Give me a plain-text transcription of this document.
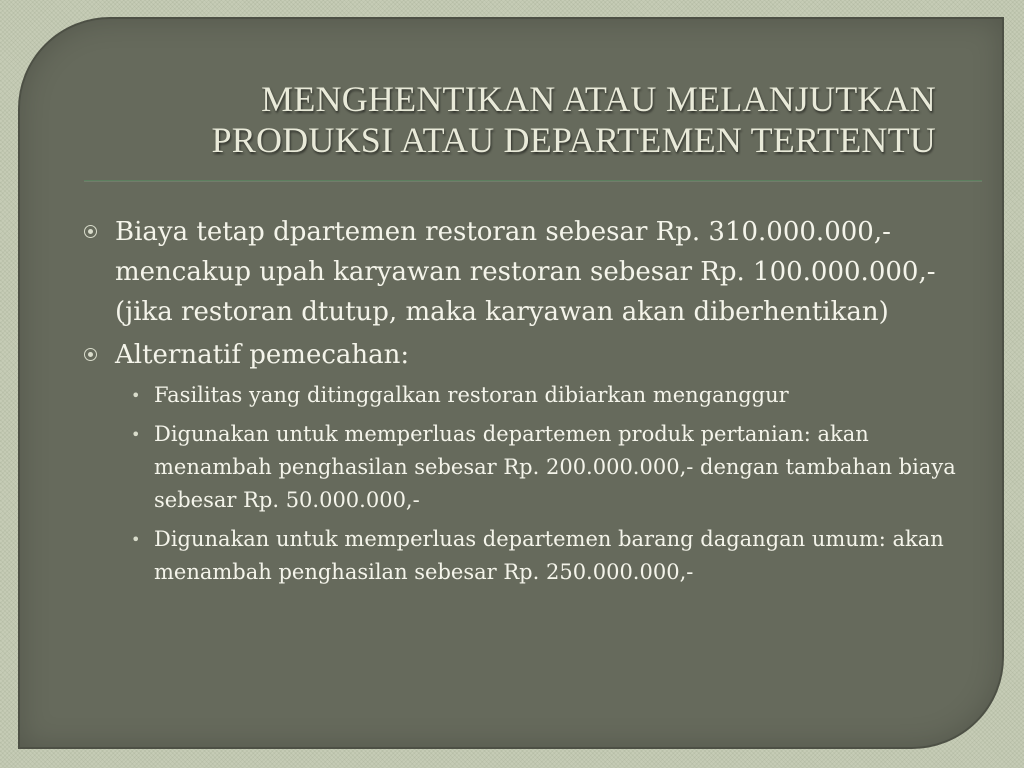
MENGHENTIKAN ATAU MELANJUTKAN
PRODUKSI ATAU DEPARTEMEN TERTENTU
Biaya tetap dpartemen restoran sebesar Rp. 310.000.000,- mencakup upah karyawan restoran sebesar Rp. 100.000.000,- (jika restoran dtutup, maka karyawan akan diberhentikan)
Alternatif pemecahan:
• Fasilitas yang ditinggalkan restoran dibiarkan menganggur
• Digunakan untuk memperluas departemen produk pertanian: akan menambah penghasilan sebesar Rp. 200.000.000,- dengan tambahan biaya sebesar Rp. 50.000.000,-
• Digunakan untuk memperluas departemen barang dagangan umum: akan menambah penghasilan sebesar Rp. 250.000.000,-
